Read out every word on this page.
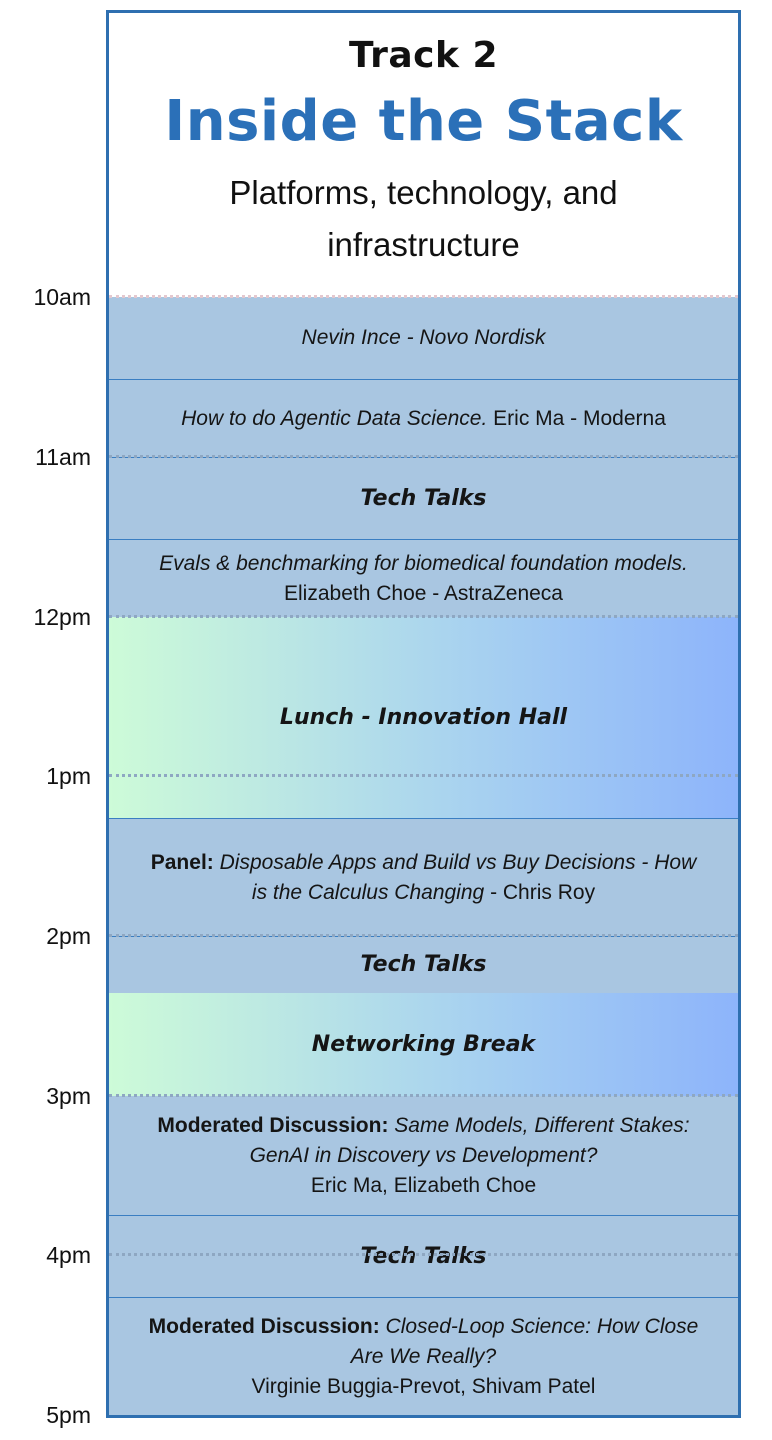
10am
11am
12pm
1pm
2pm
3pm
4pm
5pm
Track 2
Inside the Stack
Platforms, technology, and infrastructure
Nevin Ince - Novo Nordisk
How to do Agentic Data Science. Eric Ma - Moderna
Tech Talks
Evals & benchmarking for biomedical foundation models.
Elizabeth Choe - AstraZeneca
Lunch - Innovation Hall
Panel: Disposable Apps and Build vs Buy Decisions - How
is the Calculus Changing - Chris Roy
Tech Talks
Networking Break
Moderated Discussion: Same Models, Different Stakes:
GenAI in Discovery vs Development?
Eric Ma, Elizabeth Choe
Tech Talks
Moderated Discussion: Closed-Loop Science: How Close
Are We Really?
Virginie Buggia-Prevot, Shivam Patel
